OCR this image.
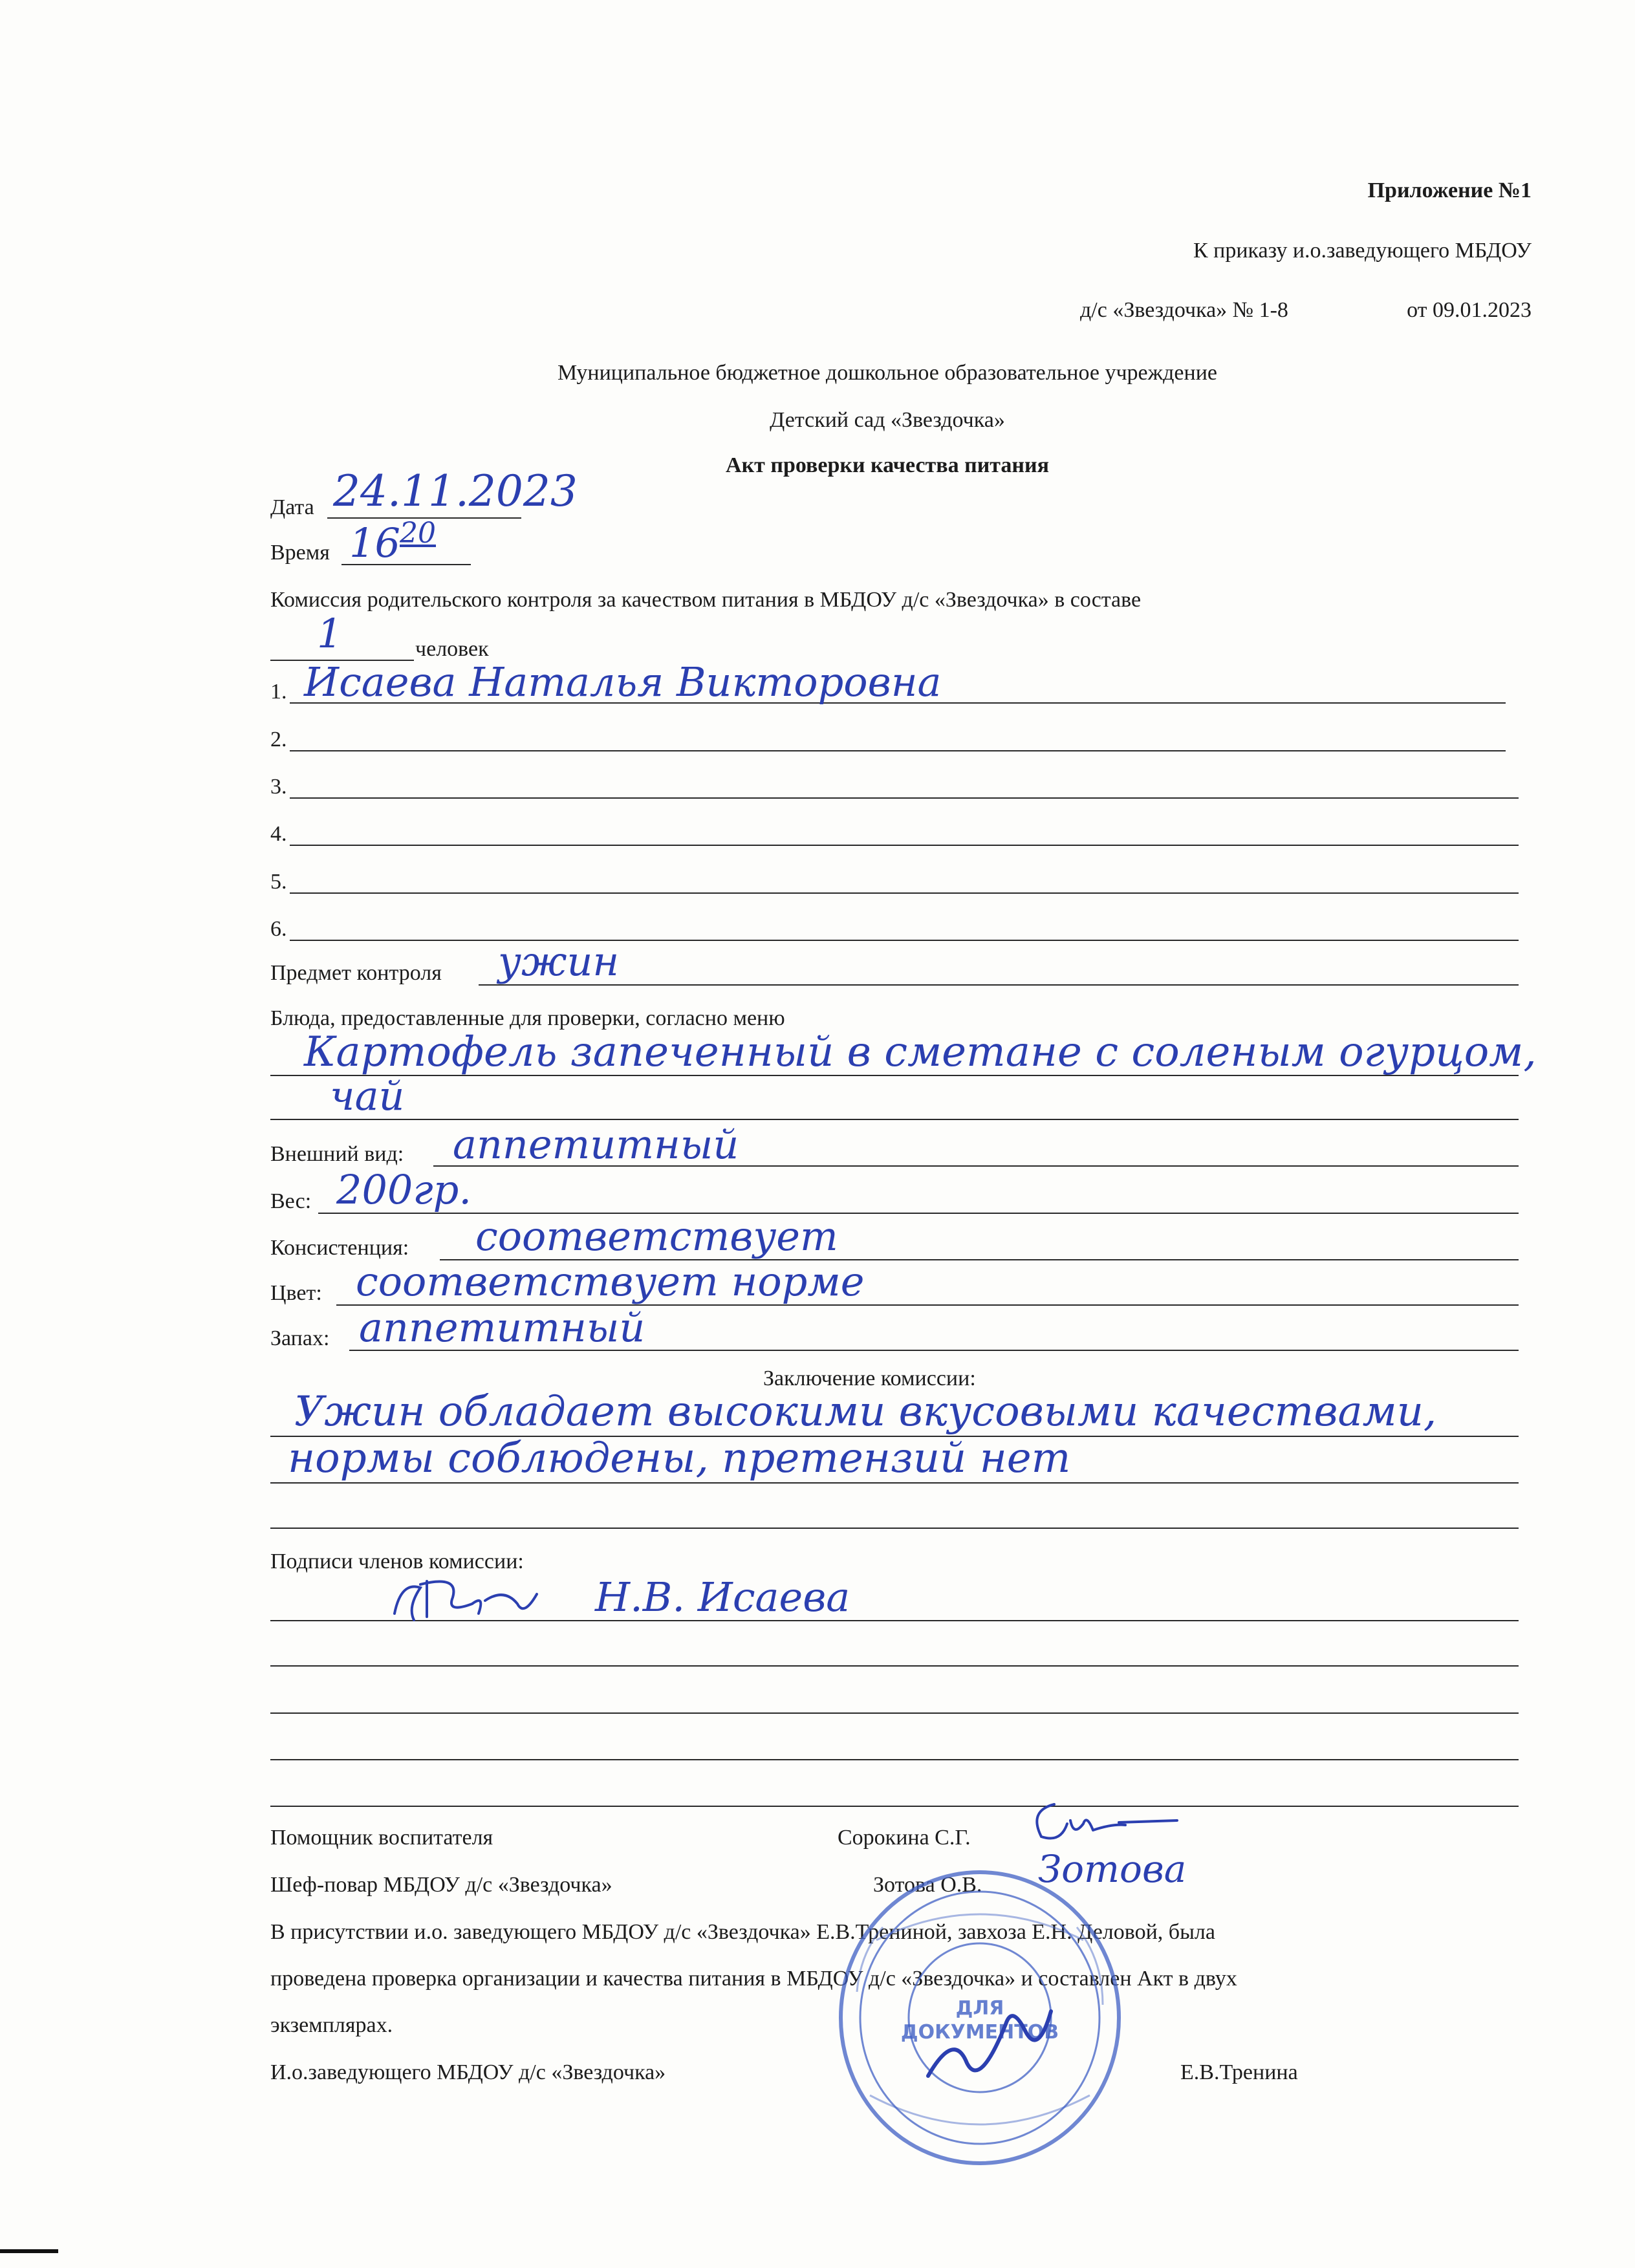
Приложение №1
К приказу и.о.заведующего МБДОУ
д/с «Звездочка» № 1-8	от 09.01.2023
Муниципальное бюджетное дошкольное образовательное учреждение
Детский сад «Звездочка»
Акт проверки качества питания
Дата 24.11.2023
Время 16 20
Комиссия родительского контроля за качеством питания в МБДОУ д/с «Звездочка» в составе
1	человек
1. Исаева Наталья Викторовна
2.
3.
4.
5.
6.
Предмет контроля ужин
Блюда, предоставленные для проверки, согласно меню
Картофель запеченный в сметане с соленым огурцом,
чай
Внешний вид: аппетитный
Вес: 200гр.
Консистенция: соответствует
Цвет: соответствует норме
Запах: аппетитный
Заключение комиссии:
Ужин обладает высокими вкусовыми качествами,
нормы соблюдены, претензий нет
Подписи членов комиссии:
Н.В. Исаева
Помощник воспитателя	Сорокина С.Г.
Шеф-повар МБДОУ д/с «Звездочка»	Зотова О.В. Зотова
В присутствии и.о. заведующего МБДОУ д/с «Звездочка» Е.В.Трениной, завхоза Е.Н. Деловой, была
проведена проверка организации и качества питания в МБДОУ д/с «Звездочка» и составлен Акт в двух
экземплярах.
И.о.заведующего МБДОУ д/с «Звездочка»	Е.В.Тренина
ДЛЯ
ДОКУМЕНТОВ
